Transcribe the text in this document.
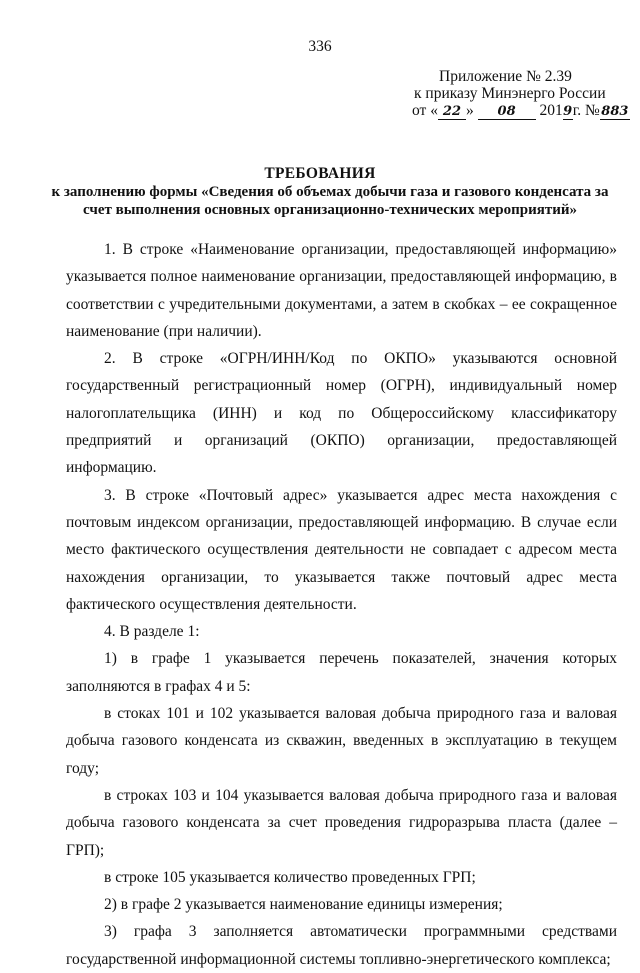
336
Приложение № 2.39
к приказу Минэнерго России
от « 22 » 08 2019г. №883
ТРЕБОВАНИЯ
к заполнению формы «Сведения об объемах добычи газа и газового конденсата за счет выполнения основных организационно-технических мероприятий»

1. В строке «Наименование организации, предоставляющей информацию» указывается полное наименование организации, предоставляющей информацию, в соответствии с учредительными документами, а затем в скобках – ее сокращенное наименование (при наличии).

2. В строке «ОГРН/ИНН/Код по ОКПО» указываются основной государственный регистрационный номер (ОГРН), индивидуальный номер налогоплательщика (ИНН) и код по Общероссийскому классификатору предприятий и организаций (ОКПО) организации, предоставляющей информацию.

3. В строке «Почтовый адрес» указывается адрес места нахождения с почтовым индексом организации, предоставляющей информацию. В случае если место фактического осуществления деятельности не совпадает с адресом места нахождения организации, то указывается также почтовый адрес места фактического осуществления деятельности.

4. В разделе 1:

1) в графе 1 указывается перечень показателей, значения которых заполняются в графах 4 и 5:

в стоках 101 и 102 указывается валовая добыча природного газа и валовая добыча газового конденсата из скважин, введенных в эксплуатацию в текущем году;

в строках 103 и 104 указывается валовая добыча природного газа и валовая добыча газового конденсата за счет проведения гидроразрыва пласта (далее – ГРП);

в строке 105 указывается количество проведенных ГРП;

2) в графе 2 указывается наименование единицы измерения;

3) графа 3 заполняется автоматически программными средствами государственной информационной системы топливно-энергетического комплекса;
